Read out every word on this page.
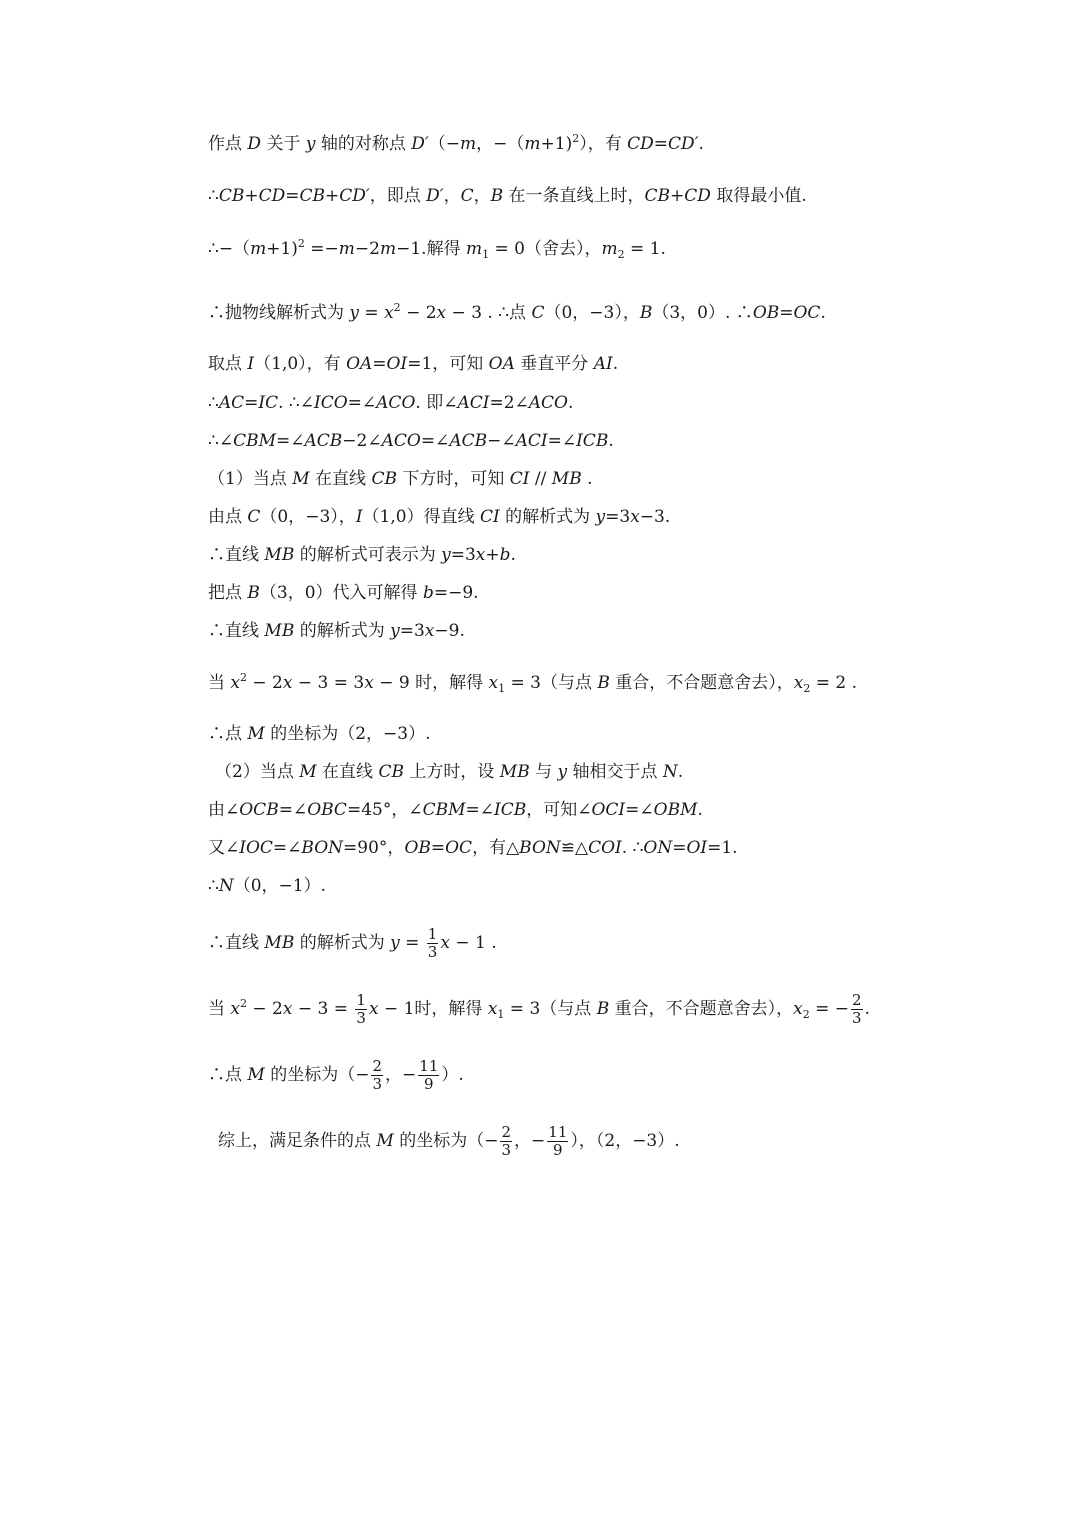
作点 D 关于 y 轴的对称点 D′（−m，−（m+1)$^2$），有 CD=CD′.
∴CB+CD=CB+CD′，即点 D′，C，B 在一条直线上时，CB+CD 取得最小值.
∴−（m+1)$^2$ =−m−2m−1.解得 $m_1 = 0$（舍去），$m_2 = 1$.
∴抛物线解析式为 $y = x^2 - 2x - 3$ . ∴点 C（0，−3），B（3，0）. ∴OB=OC.
取点 I（1,0），有 OA=OI=1，可知 OA 垂直平分 AI.
∴AC=IC. ∴∠ICO=∠ACO. 即∠ACI=2∠ACO.
∴∠CBM=∠ACB−2∠ACO=∠ACB−∠ACI=∠ICB.
（1）当点 M 在直线 CB 下方时，可知 CI // MB .
由点 C（0，−3），I（1,0）得直线 CI 的解析式为 y=3x−3.
∴直线 MB 的解析式可表示为 y=3x+b.
把点 B（3，0）代入可解得 b=−9.
∴直线 MB 的解析式为 y=3x−9.
当 $x^2 - 2x - 3 = 3x - 9$ 时，解得 $x_1 = 3$（与点 B 重合，不合题意舍去），$x_2 = 2$ .
∴点 M 的坐标为（2，−3）.
（2）当点 M 在直线 CB 上方时，设 MB 与 y 轴相交于点 N.
由∠OCB=∠OBC=45°，∠CBM=∠ICB，可知∠OCI=∠OBM.
又∠IOC=∠BON=90°，OB=OC，有△BON≌△COI. ∴ON=OI=1.
∴N（0，−1）.
∴直线 MB 的解析式为 $y = \frac{1}{3}$ x − 1 .
当 $x^2 - 2x - 3 = \frac{1}{3}$ x − 1时，解得 $x_1 = 3$（与点 B 重合，不合题意舍去），$x_2$ = − $\frac{2}{3}$ .
∴点 M 的坐标为（− $\frac{2}{3}$ ，− $\frac{11}{9}$ ）.
综上，满足条件的点 M 的坐标为（− $\frac{2}{3}$ ，− $\frac{11}{9}$ ），（2，−3）.
